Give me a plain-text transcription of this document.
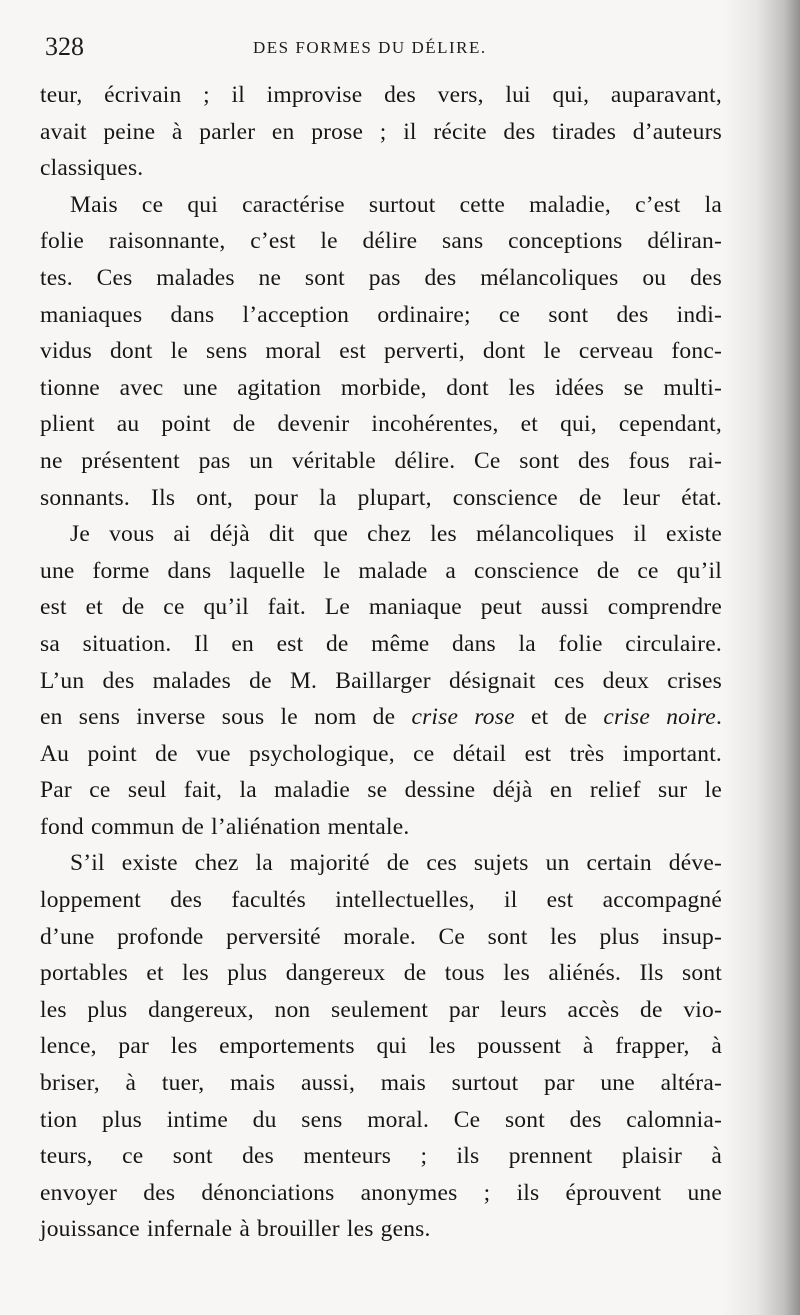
328	DES FORMES DU DÉLIRE.
teur, écrivain ; il improvise des vers, lui qui, auparavant,
avait peine à parler en prose ; il récite des tirades d’auteurs
classiques.
Mais ce qui caractérise surtout cette maladie, c’est la
folie raisonnante, c’est le délire sans conceptions déliran-
tes. Ces malades ne sont pas des mélancoliques ou des
maniaques dans l’acception ordinaire; ce sont des indi-
vidus dont le sens moral est perverti, dont le cerveau fonc-
tionne avec une agitation morbide, dont les idées se multi-
plient au point de devenir incohérentes, et qui, cependant,
ne présentent pas un véritable délire. Ce sont des fous rai-
sonnants. Ils ont, pour la plupart, conscience de leur état.
Je vous ai déjà dit que chez les mélancoliques il existe
une forme dans laquelle le malade a conscience de ce qu’il
est et de ce qu’il fait. Le maniaque peut aussi comprendre
sa situation. Il en est de même dans la folie circulaire.
L’un des malades de M. Baillarger désignait ces deux crises
en sens inverse sous le nom de crise rose et de crise noire.
Au point de vue psychologique, ce détail est très important.
Par ce seul fait, la maladie se dessine déjà en relief sur le
fond commun de l’aliénation mentale.
S’il existe chez la majorité de ces sujets un certain déve-
loppement des facultés intellectuelles, il est accompagné
d’une profonde perversité morale. Ce sont les plus insup-
portables et les plus dangereux de tous les aliénés. Ils sont
les plus dangereux, non seulement par leurs accès de vio-
lence, par les emportements qui les poussent à frapper, à
briser, à tuer, mais aussi, mais surtout par une altéra-
tion plus intime du sens moral. Ce sont des calomnia-
teurs, ce sont des menteurs ; ils prennent plaisir à
envoyer des dénonciations anonymes ; ils éprouvent une
jouissance infernale à brouiller les gens.
